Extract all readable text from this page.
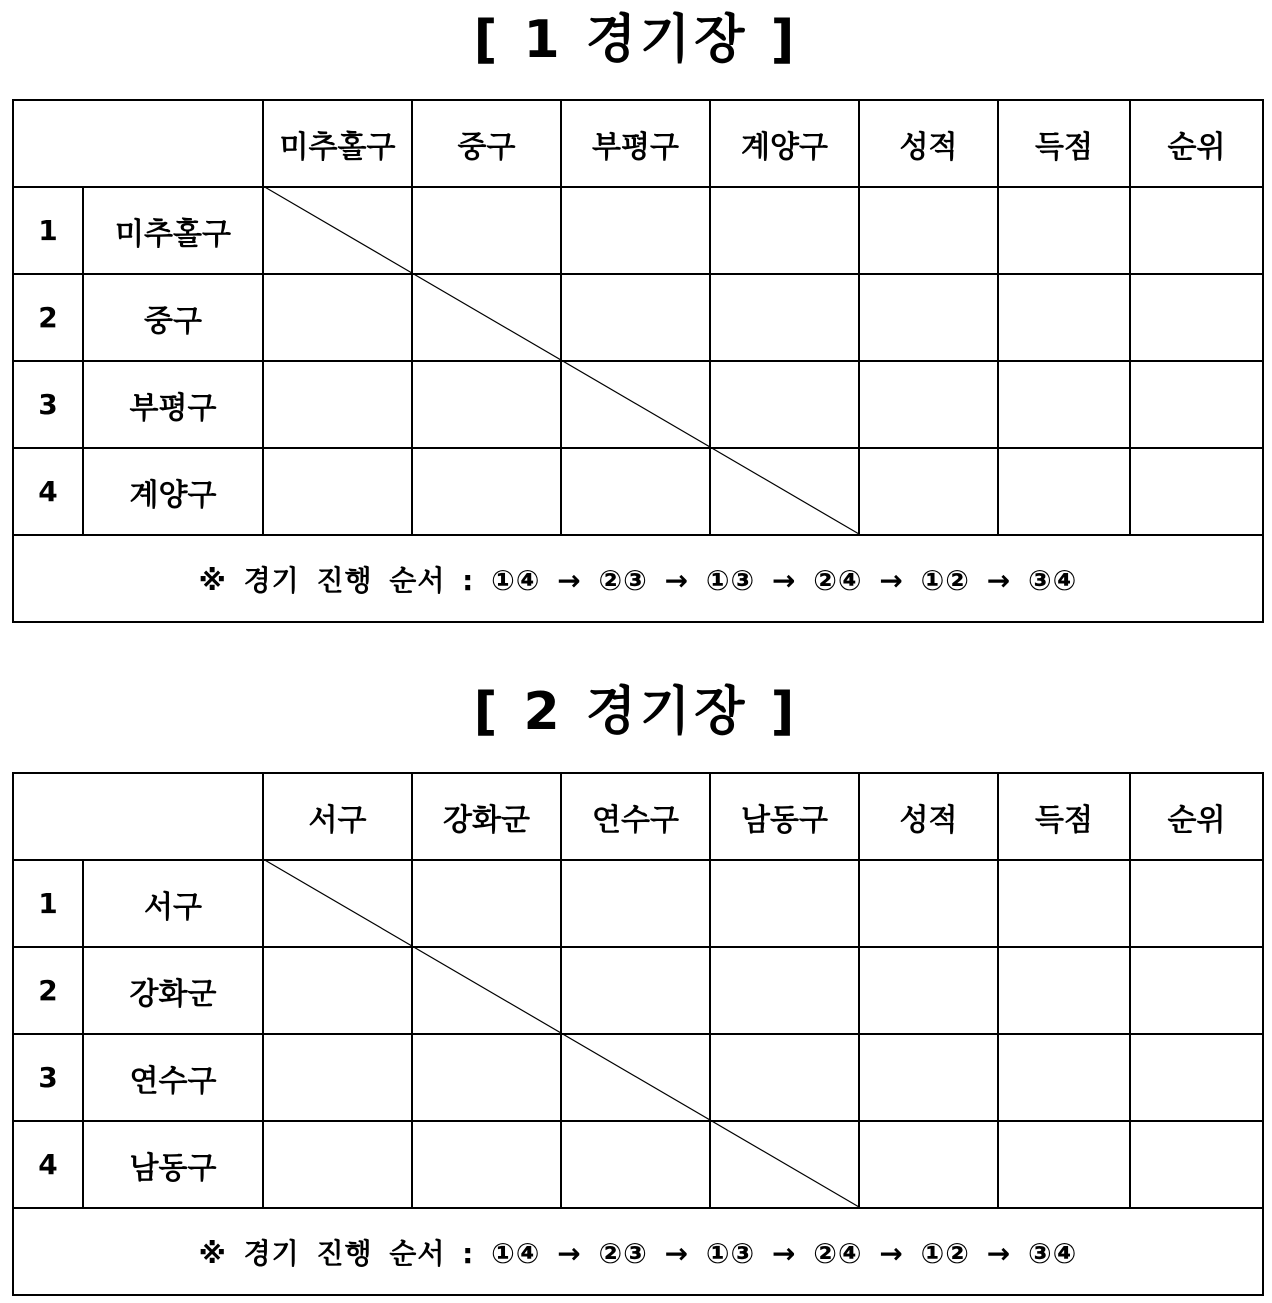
[ 1 경기장 ]
		미추홀구	중구	부평구	계양구	성적	득점	순위
1	미추홀구							
2	중구							
3	부평구							
4	계양구							
※ 경기 진행 순서 : ①④ → ②③ → ①③ → ②④ → ①② → ③④								
[ 2 경기장 ]
		서구	강화군	연수구	남동구	성적	득점	순위
1	서구							
2	강화군							
3	연수구							
4	남동구							
※ 경기 진행 순서 : ①④ → ②③ → ①③ → ②④ → ①② → ③④								
